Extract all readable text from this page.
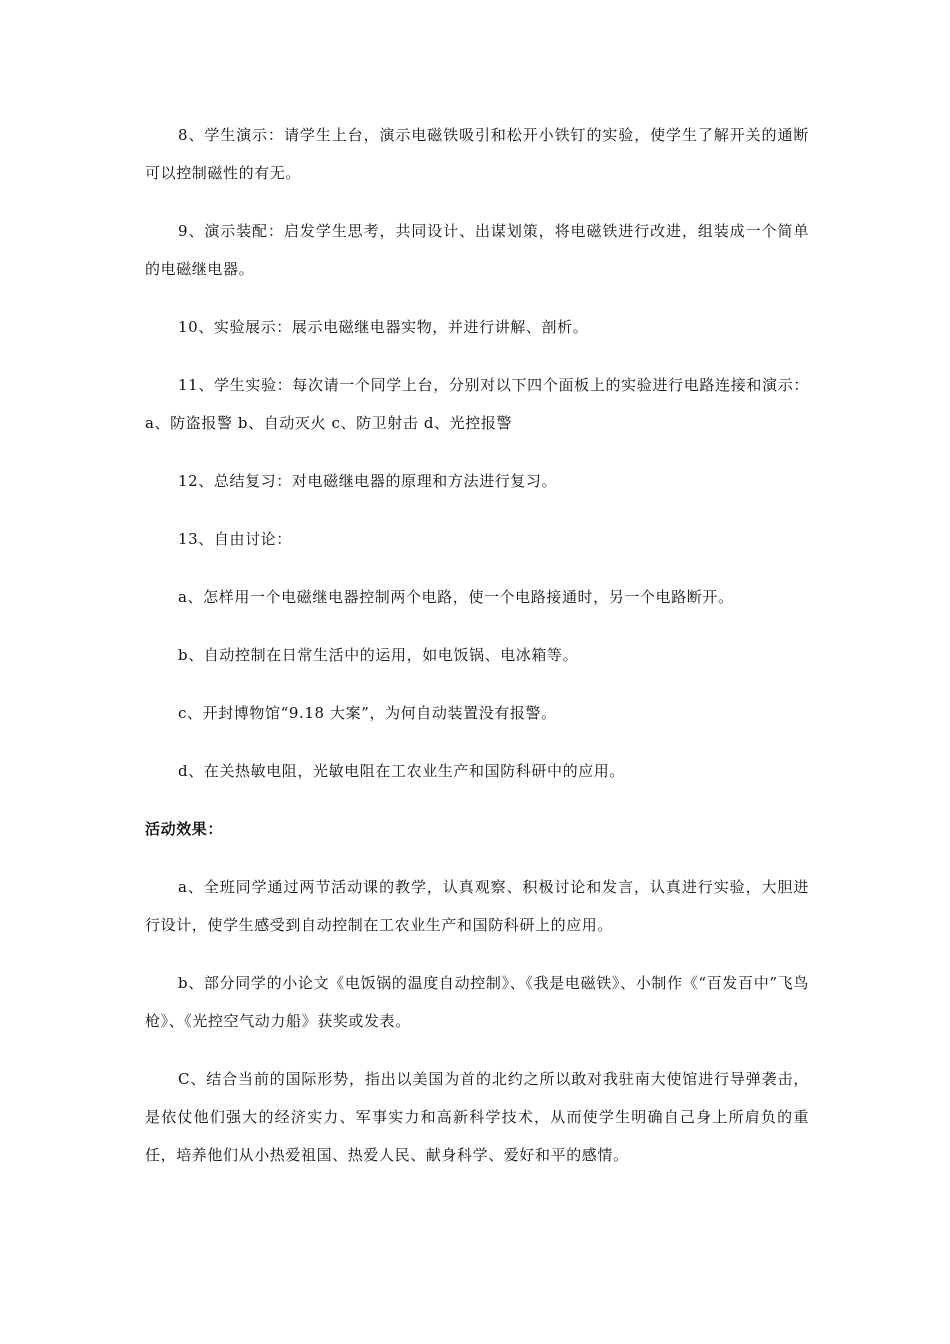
8、学生演示：请学生上台，演示电磁铁吸引和松开小铁钉的实验，使学生了解开关的通断可以控制磁性的有无。

9、演示装配：启发学生思考，共同设计、出谋划策，将电磁铁进行改进，组装成一个简单的电磁继电器。

10、实验展示：展示电磁继电器实物，并进行讲解、剖析。

11、学生实验：每次请一个同学上台，分别对以下四个面板上的实验进行电路连接和演示：a、防盗报警 b、自动灭火 c、防卫射击 d、光控报警

12、总结复习：对电磁继电器的原理和方法进行复习。

13、自由讨论：

a、怎样用一个电磁继电器控制两个电路，使一个电路接通时，另一个电路断开。

b、自动控制在日常生活中的运用，如电饭锅、电冰箱等。

c、开封博物馆“9.18 大案”，为何自动装置没有报警。

d、在关热敏电阻，光敏电阻在工农业生产和国防科研中的应用。

活动效果：

a、全班同学通过两节活动课的教学，认真观察、积极讨论和发言，认真进行实验，大胆进行设计，使学生感受到自动控制在工农业生产和国防科研上的应用。

b、部分同学的小论文《电饭锅的温度自动控制》、《我是电磁铁》、小制作《“百发百中”飞鸟枪》、《光控空气动力船》获奖或发表。

C、结合当前的国际形势，指出以美国为首的北约之所以敢对我驻南大使馆进行导弹袭击，是依仗他们强大的经济实力、军事实力和高新科学技术，从而使学生明确自己身上所肩负的重任，培养他们从小热爱祖国、热爱人民、献身科学、爱好和平的感情。
